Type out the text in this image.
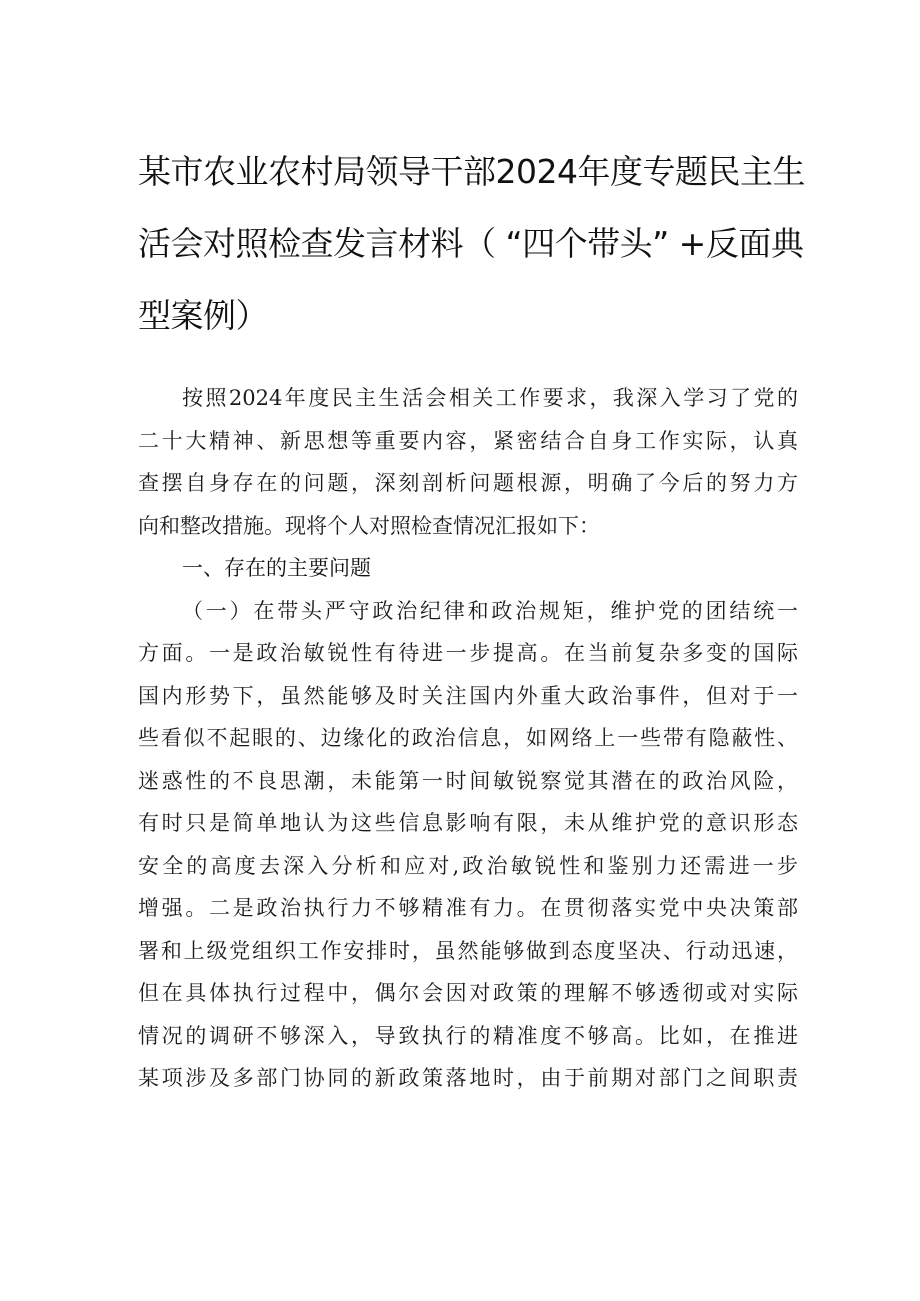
某市农业农村局领导干部2024年度专题民主生
活会对照检查发言材料（ “四个带头” +反面典
型案例）
按照2024年度民主生活会相关工作要求，我深入学习了党的
二十大精神、新思想等重要内容，紧密结合自身工作实际，认真
查摆自身存在的问题，深刻剖析问题根源，明确了今后的努力方
向和整改措施。现将个人对照检查情况汇报如下：
一、存在的主要问题
（一）在带头严守政治纪律和政治规矩，维护党的团结统一
方面。一是政治敏锐性有待进一步提高。在当前复杂多变的国际
国内形势下，虽然能够及时关注国内外重大政治事件，但对于一
些看似不起眼的、边缘化的政治信息，如网络上一些带有隐蔽性、
迷惑性的不良思潮，未能第一时间敏锐察觉其潜在的政治风险，
有时只是简单地认为这些信息影响有限，未从维护党的意识形态
安全的高度去深入分析和应对,政治敏锐性和鉴别力还需进一步
增强。二是政治执行力不够精准有力。在贯彻落实党中央决策部
署和上级党组织工作安排时，虽然能够做到态度坚决、行动迅速，
但在具体执行过程中，偶尔会因对政策的理解不够透彻或对实际
情况的调研不够深入，导致执行的精准度不够高。比如，在推进
某项涉及多部门协同的新政策落地时，由于前期对部门之间职责
